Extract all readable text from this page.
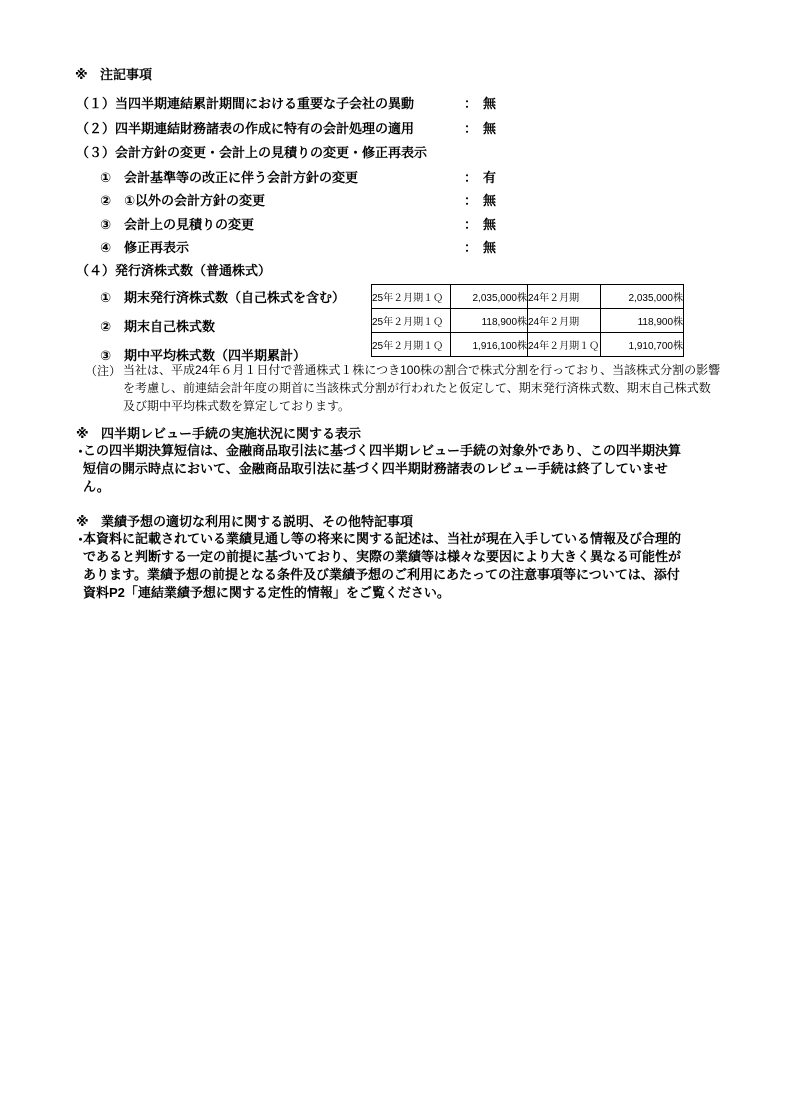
※ 注記事項
（１）当四半期連結累計期間における重要な子会社の異動	： 無
（２）四半期連結財務諸表の作成に特有の会計処理の適用	： 無
（３）会計方針の変更・会計上の見積りの変更・修正再表示
① 会計基準等の改正に伴う会計方針の変更	： 有
② ①以外の会計方針の変更	： 無
③ 会計上の見積りの変更	： 無
④ 修正再表示	： 無
（４）発行済株式数（普通株式）
① 期末発行済株式数（自己株式を含む）
② 期末自己株式数
③ 期中平均株式数（四半期累計）
25年２月期１Ｑ	2,035,000株	24年２月期	2,035,000株
25年２月期１Ｑ	118,900株	24年２月期	118,900株
25年２月期１Ｑ	1,916,100株	24年２月期１Ｑ	1,910,700株
（注） 当社は、平成24年６月１日付で普通株式１株につき100株の割合で株式分割を行っており、当該株式分割の影響
を考慮し、前連結会計年度の期首に当該株式分割が行われたと仮定して、期末発行済株式数、期末自己株式数
及び期中平均株式数を算定しております。
※ 四半期レビュー手続の実施状況に関する表示
・
この四半期決算短信は、金融商品取引法に基づく四半期レビュー手続の対象外であり、この四半期決算
短信の開示時点において、金融商品取引法に基づく四半期財務諸表のレビュー手続は終了していませ
ん。
※ 業績予想の適切な利用に関する説明、その他特記事項
・
本資料に記載されている業績見通し等の将来に関する記述は、当社が現在入手している情報及び合理的
であると判断する一定の前提に基づいており、実際の業績等は様々な要因により大きく異なる可能性が
あります。業績予想の前提となる条件及び業績予想のご利用にあたっての注意事項等については、添付
資料P2「連結業績予想に関する定性的情報」をご覧ください。
